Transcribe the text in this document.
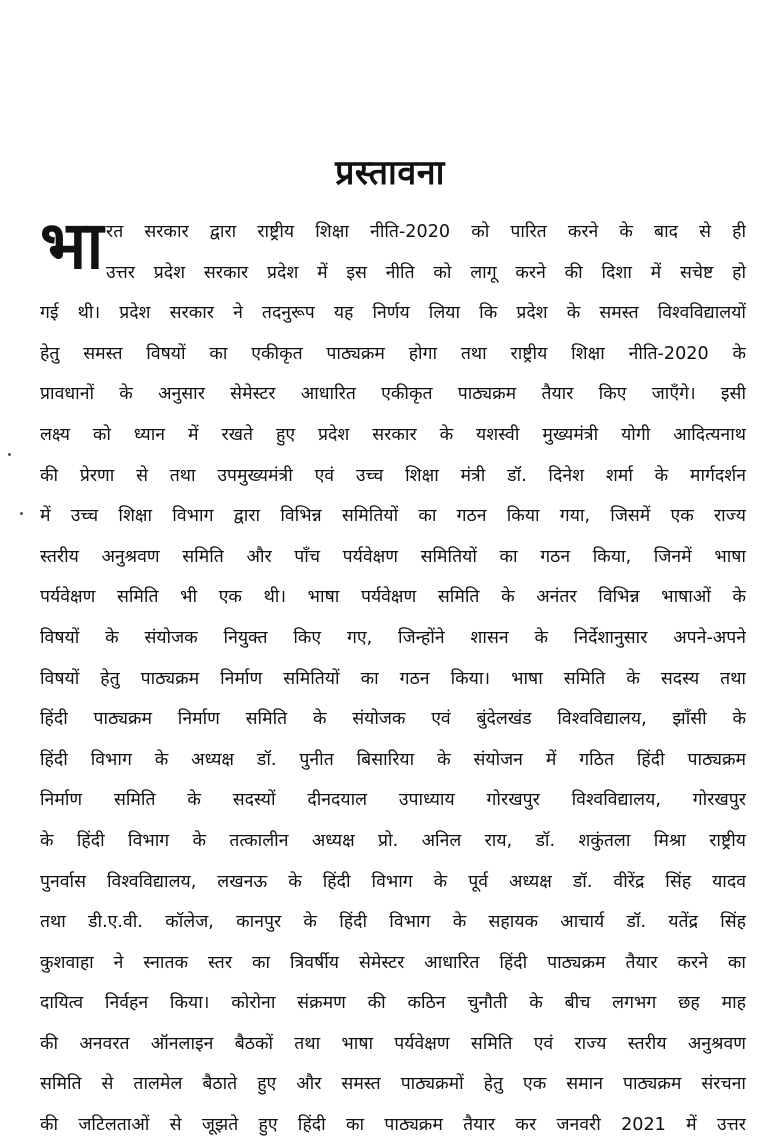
प्रस्तावना
भा रत सरकार द्वारा राष्ट्रीय शिक्षा नीति-2020 को पारित करने के बाद से ही
उत्तर प्रदेश सरकार प्रदेश में इस नीति को लागू करने की दिशा में सचेष्ट हो
गई थी। प्रदेश सरकार ने तदनुरूप यह निर्णय लिया कि प्रदेश के समस्त विश्वविद्यालयों
हेतु समस्त विषयों का एकीकृत पाठ्यक्रम होगा तथा राष्ट्रीय शिक्षा नीति-2020 के
प्रावधानों के अनुसार सेमेस्टर आधारित एकीकृत पाठ्यक्रम तैयार किए जाएँगे। इसी
लक्ष्य को ध्यान में रखते हुए प्रदेश सरकार के यशस्वी मुख्यमंत्री योगी आदित्यनाथ
की प्रेरणा से तथा उपमुख्यमंत्री एवं उच्च शिक्षा मंत्री डॉ. दिनेश शर्मा के मार्गदर्शन
में उच्च शिक्षा विभाग द्वारा विभिन्न समितियों का गठन किया गया, जिसमें एक राज्य
स्तरीय अनुश्रवण समिति और पाँच पर्यवेक्षण समितियों का गठन किया, जिनमें भाषा
पर्यवेक्षण समिति भी एक थी। भाषा पर्यवेक्षण समिति के अनंतर विभिन्न भाषाओं के
विषयों के संयोजक नियुक्त किए गए, जिन्होंने शासन के निर्देशानुसार अपने-अपने
विषयों हेतु पाठ्यक्रम निर्माण समितियों का गठन किया। भाषा समिति के सदस्य तथा
हिंदी पाठ्यक्रम निर्माण समिति के संयोजक एवं बुंदेलखंड विश्वविद्यालय, झाँसी के
हिंदी विभाग के अध्यक्ष डॉ. पुनीत बिसारिया के संयोजन में गठित हिंदी पाठ्यक्रम
निर्माण समिति के सदस्यों दीनदयाल उपाध्याय गोरखपुर विश्वविद्यालय, गोरखपुर
के हिंदी विभाग के तत्कालीन अध्यक्ष प्रो. अनिल राय, डॉ. शकुंतला मिश्रा राष्ट्रीय
पुनर्वास विश्वविद्यालय, लखनऊ के हिंदी विभाग के पूर्व अध्यक्ष डॉ. वीरेंद्र सिंह यादव
तथा डी.ए.वी. कॉलेज, कानपुर के हिंदी विभाग के सहायक आचार्य डॉ. यतेंद्र सिंह
कुशवाहा ने स्नातक स्तर का त्रिवर्षीय सेमेस्टर आधारित हिंदी पाठ्यक्रम तैयार करने का
दायित्व निर्वहन किया। कोरोना संक्रमण की कठिन चुनौती के बीच लगभग छह माह
की अनवरत ऑनलाइन बैठकों तथा भाषा पर्यवेक्षण समिति एवं राज्य स्तरीय अनुश्रवण
समिति से तालमेल बैठाते हुए और समस्त पाठ्यक्रमों हेतु एक समान पाठ्यक्रम संरचना
की जटिलताओं से जूझते हुए हिंदी का पाठ्यक्रम तैयार कर जनवरी 2021 में उत्तर
